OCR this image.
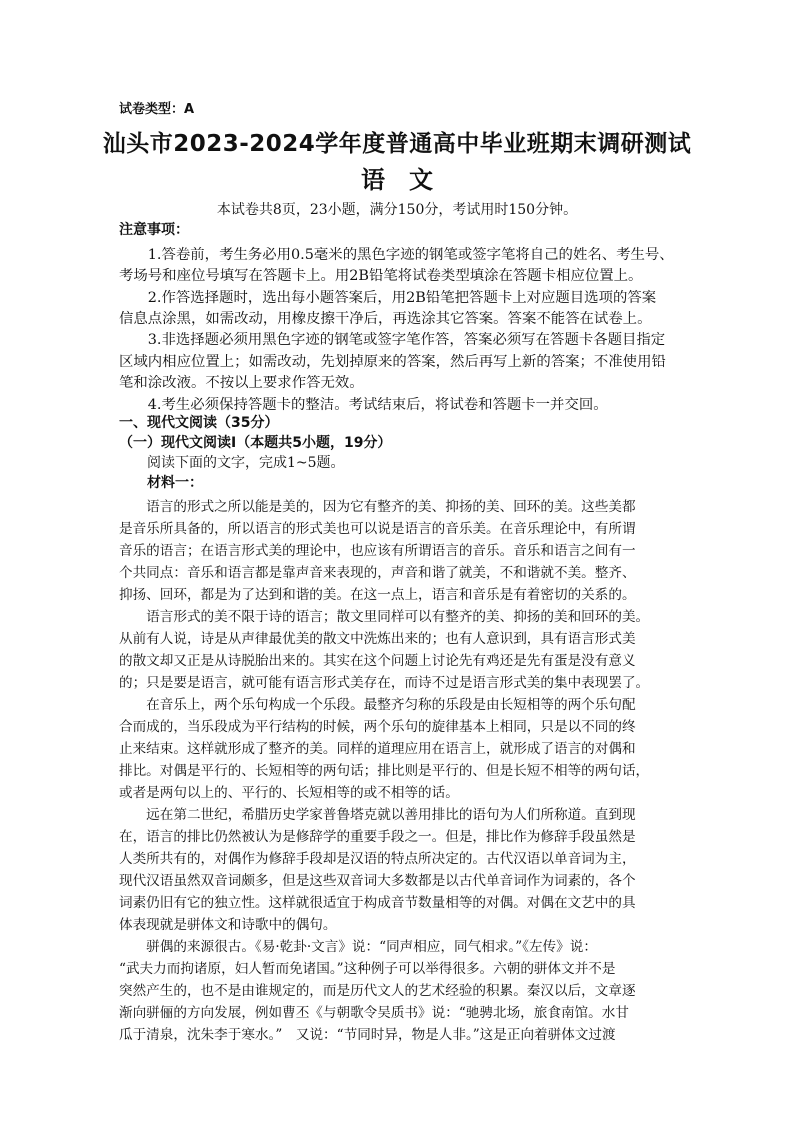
试卷类型：A
汕头市2023-2024学年度普通高中毕业班期末调研测试
语　文
本试卷共8页，23小题，满分150分，考试用时150分钟。
注意事项：
　　1.答卷前，考生务必用0.5毫米的黑色字迹的钢笔或签字笔将自己的姓名、考生号、
考场号和座位号填写在答题卡上。用2B铅笔将试卷类型填涂在答题卡相应位置上。
　　2.作答选择题时，选出每小题答案后，用2B铅笔把答题卡上对应题目选项的答案
信息点涂黑，如需改动，用橡皮擦干净后，再选涂其它答案。答案不能答在试卷上。
　　3.非选择题必须用黑色字迹的钢笔或签字笔作答，答案必须写在答题卡各题目指定
区域内相应位置上；如需改动，先划掉原来的答案，然后再写上新的答案；不准使用铅
笔和涂改液。不按以上要求作答无效。
　　4.考生必须保持答题卡的整洁。考试结束后，将试卷和答题卡一并交回。
一、现代文阅读（35分）
（一）现代文阅读Ⅰ（本题共5小题，19分）
阅读下面的文字，完成1~5题。
材料一：
　　语言的形式之所以能是美的，因为它有整齐的美、抑扬的美、回环的美。这些美都
是音乐所具备的，所以语言的形式美也可以说是语言的音乐美。在音乐理论中，有所谓
音乐的语言；在语言形式美的理论中，也应该有所谓语言的音乐。音乐和语言之间有一
个共同点：音乐和语言都是靠声音来表现的，声音和谐了就美，不和谐就不美。整齐、
抑扬、回环，都是为了达到和谐的美。在这一点上，语言和音乐是有着密切的关系的。
　　语言形式的美不限于诗的语言；散文里同样可以有整齐的美、抑扬的美和回环的美。
从前有人说，诗是从声律最优美的散文中洗炼出来的；也有人意识到，具有语言形式美
的散文却又正是从诗脱胎出来的。其实在这个问题上讨论先有鸡还是先有蛋是没有意义
的；只是要是语言，就可能有语言形式美存在，而诗不过是语言形式美的集中表现罢了。
　　在音乐上，两个乐句构成一个乐段。最整齐匀称的乐段是由长短相等的两个乐句配
合而成的，当乐段成为平行结构的时候，两个乐句的旋律基本上相同，只是以不同的终
止来结束。这样就形成了整齐的美。同样的道理应用在语言上，就形成了语言的对偶和
排比。对偶是平行的、长短相等的两句话；排比则是平行的、但是长短不相等的两句话，
或者是两句以上的、平行的、长短相等的或不相等的话。
　　远在第二世纪，希腊历史学家普鲁塔克就以善用排比的语句为人们所称道。直到现
在，语言的排比仍然被认为是修辞学的重要手段之一。但是，排比作为修辞手段虽然是
人类所共有的，对偶作为修辞手段却是汉语的特点所决定的。古代汉语以单音词为主，
现代汉语虽然双音词颇多，但是这些双音词大多数都是以古代单音词作为词素的，各个
词素仍旧有它的独立性。这样就很适宜于构成音节数量相等的对偶。对偶在文艺中的具
体表现就是骈体文和诗歌中的偶句。
　　骈偶的来源很古。《易·乾卦·文言》说：“同声相应，同气相求。”《左传》说：
“武夫力而拘诸原，妇人暂而免诸国。”这种例子可以举得很多。六朝的骈体文并不是
突然产生的，也不是由谁规定的，而是历代文人的艺术经验的积累。秦汉以后，文章逐
渐向骈俪的方向发展，例如曹丕《与朝歌令吴质书》说：“驰骋北场，旅食南馆。水甘
瓜于清泉，沈朱李于寒水。”　又说：“节同时异，物是人非。”这是正向着骈体文过渡
